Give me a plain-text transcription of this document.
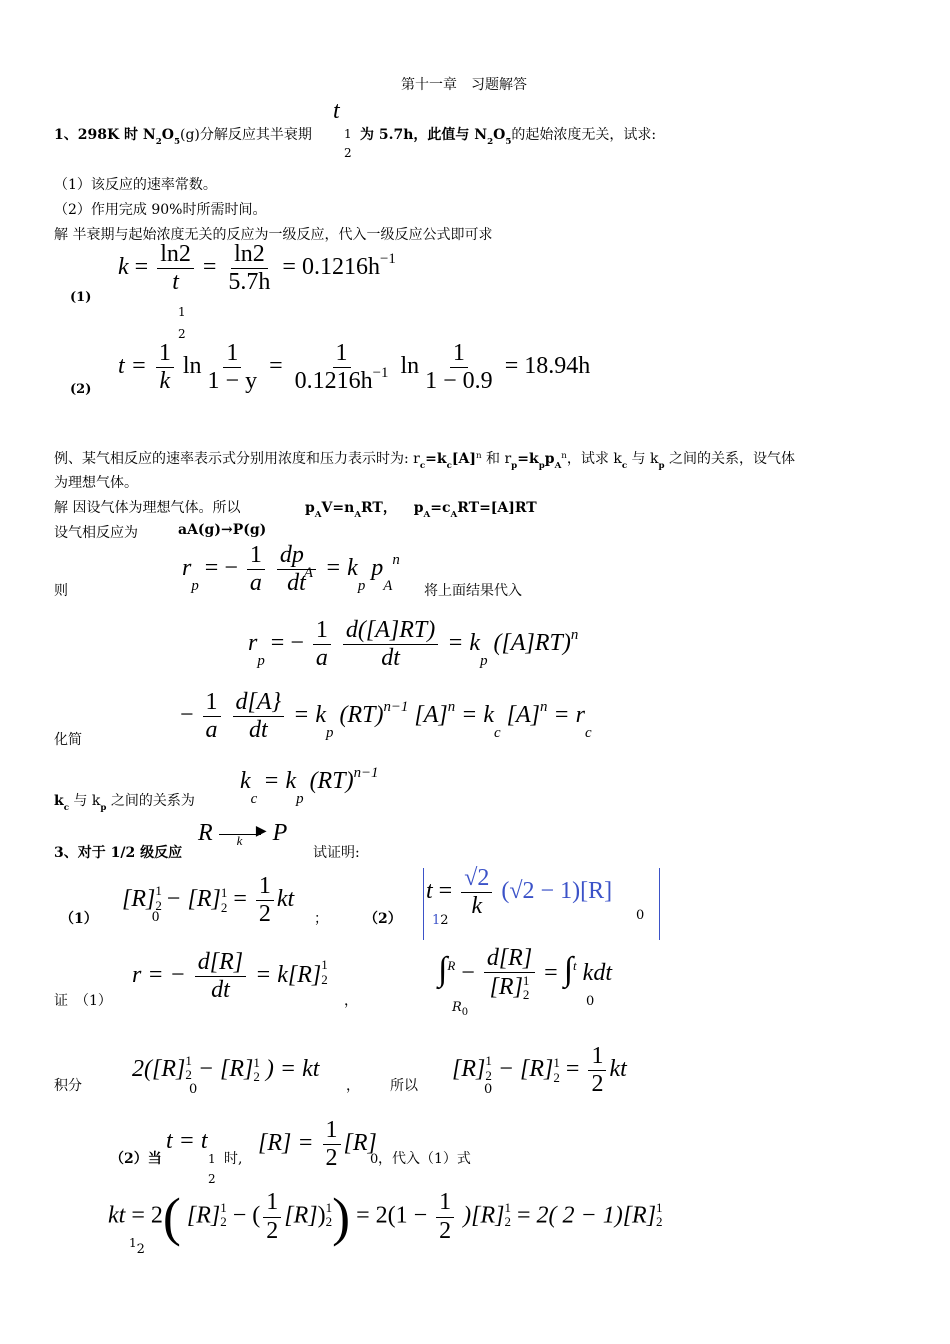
第十一章　习题解答
1、298K 时 $N_2O_5(g)$分解反应其半衰期
t
1
2
为 5.7h，此值与 $N_2O_5$的起始浓度无关，试求:
（1）该反应的速率常数。
（2）作用完成 90%时所需时间。
解 半衰期与起始浓度无关的反应为一级反应，代入一级反应公式即可求
(1)
$k = \frac{\ln 2}{t} = \frac{\ln 2}{5.7h} = 0.1216h^{-1}$
1
2
(2)
$t = \frac{1}{k}$ $\ln \frac{1}{1 - y} = \frac{1}{0.1216h^{-1}}$ $\ln \frac{1}{1 - 0.9} = 18.94h$
例、某气相反应的速率表示式分别用浓度和压力表示时为: $r_c=k_c[A]^n$ 和 $r_p=k_pp_A^n$，试求 $k_c$ 与 $k_p$ 之间的关系，设气体
为理想气体。
解 因设气体为理想气体。所以	$p_AV=n_ART$， $p_A=c_ART=[A]RT$
设气相反应为	aA(g)→P(g)
则
$r_p$ = − $\frac{1}{a}$
$\frac{dp_A}{dt} = k_p$ $p_A^n$
将上面结果代入
$r_p$ = − $\frac{1}{a}$
$\frac{d([A]RT)}{dt} = k_p$ $([A]RT)^n$
化简
− $\frac{1}{a}$
$\frac{d[A\}}{dt} = k_p$ (RT)$^{n-1}$ $[A]^n = k_c$ $[A]^n = r_c$
$k_c$ 与 $k_p$ 之间的关系为
$k_c = k_p$ (RT)$^{n-1}$
3、对于 1/2 级反应
R	▶
k P
试证明:
（1）
[R] 1
2
$_0$ − [R] 1
$2 = \frac{1}{2}$ kt
；	（2）
$t = \frac{√2}{k} (√2 - 1)[R]$
12	0
证　（1）
r = − $\frac{d[R]}{dt} = k[R]$ 1
2
，
∫$^R$ − d[R]
[R] 1
2 = ∫$^t$ kdt
$R_0$
0
积分
2([R] 1
2 − [R] 1
2 ) = kt
0	， 所以
[R] 1
2 − [R] 1
$2 = \frac{1}{2}$ kt
0
（2）当
t = t
1
2
时,
$[R] = \frac{1}{2} [R]$
0 ，代入（1）式
kt = 2( [R] 1
2 − ( $\frac{1}{2} [R]$) 1
2 ) = $2(1 - \frac{1}{2} )[R]$ 1
2 = 2( 2 − 1)[R] 1
2
12
